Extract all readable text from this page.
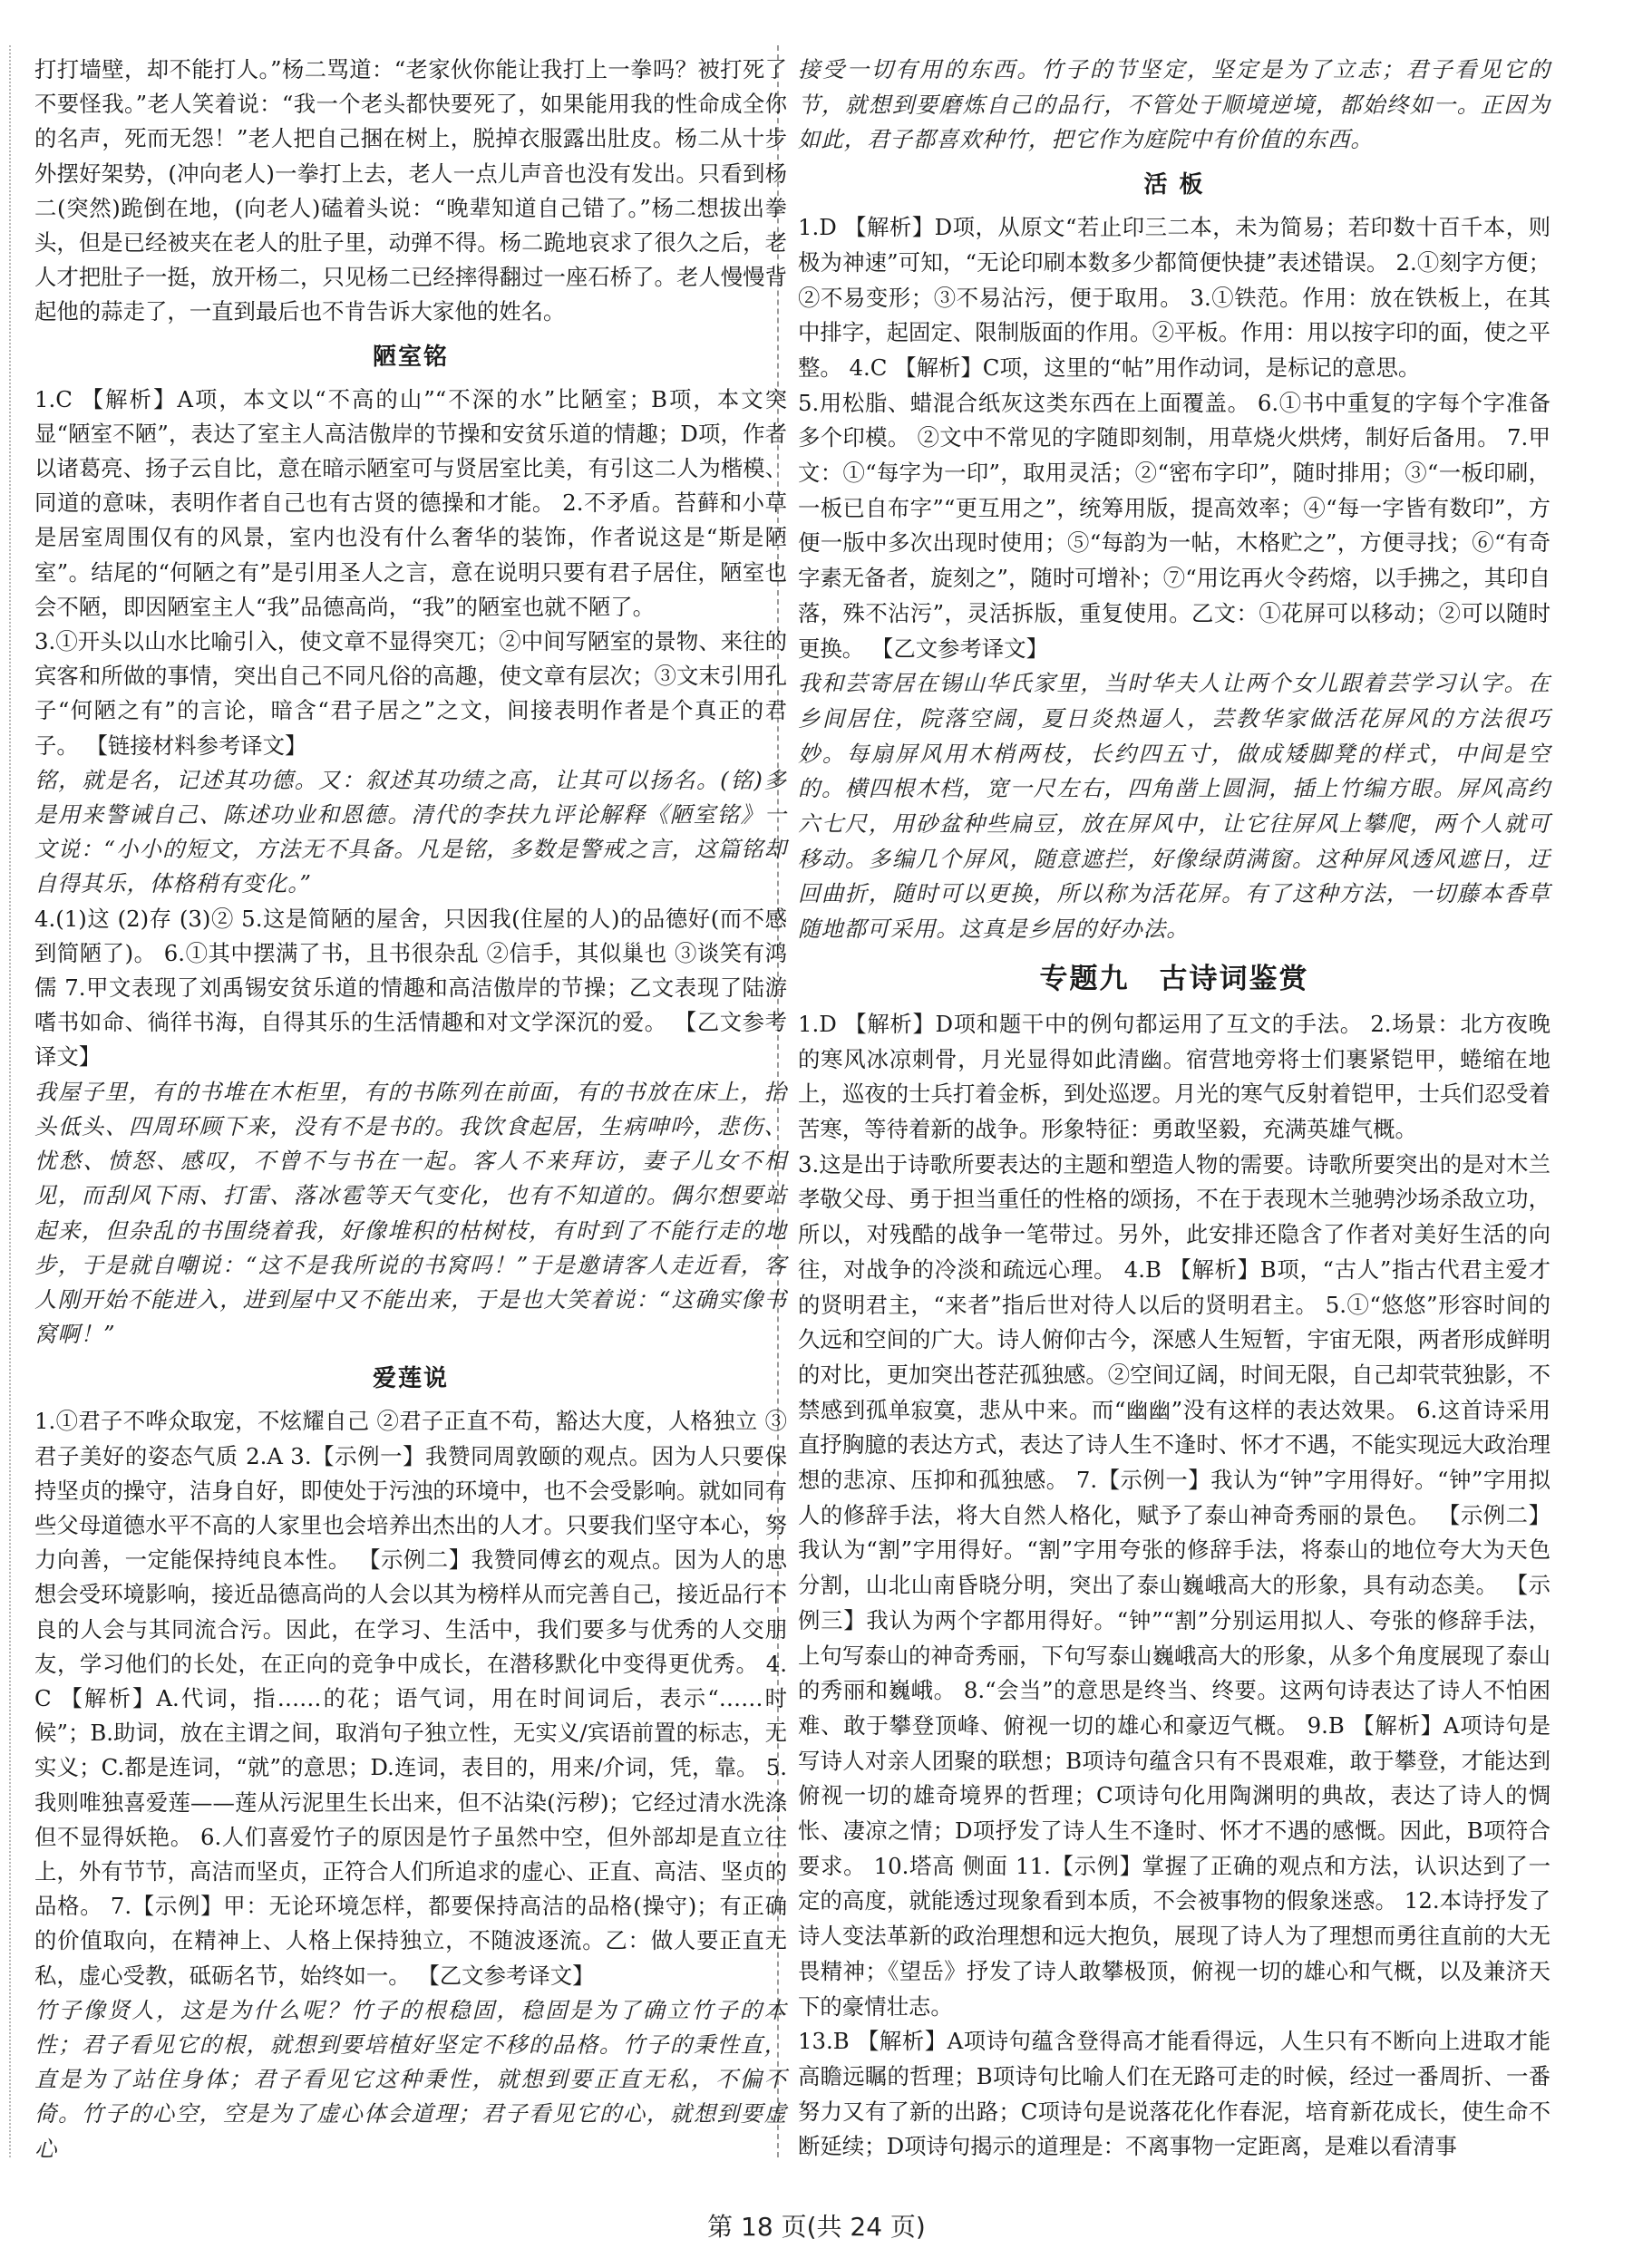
打打墙壁，却不能打人。”杨二骂道：“老家伙你能让我打上一拳吗？被打死了不要怪我。”老人笑着说：“我一个老头都快要死了，如果能用我的性命成全你的名声，死而无怨！”老人把自己捆在树上，脱掉衣服露出肚皮。杨二从十步外摆好架势，(冲向老人)一拳打上去，老人一点儿声音也没有发出。只看到杨二(突然)跪倒在地，(向老人)磕着头说：“晚辈知道自己错了。”杨二想拔出拳头，但是已经被夹在老人的肚子里，动弹不得。杨二跪地哀求了很久之后，老人才把肚子一挺，放开杨二，只见杨二已经摔得翻过一座石桥了。老人慢慢背起他的蒜走了，一直到最后也不肯告诉大家他的姓名。

陋室铭

1.C 【解析】A项，本文以“不高的山”“不深的水”比陋室；B项，本文突显“陋室不陋”，表达了室主人高洁傲岸的节操和安贫乐道的情趣；D项，作者以诸葛亮、扬子云自比，意在暗示陋室可与贤居室比美，有引这二人为楷模、同道的意味，表明作者自己也有古贤的德操和才能。 2.不矛盾。苔藓和小草是居室周围仅有的风景，室内也没有什么奢华的装饰，作者说这是“斯是陋室”。结尾的“何陋之有”是引用圣人之言，意在说明只要有君子居住，陋室也会不陋，即因陋室主人“我”品德高尚，“我”的陋室也就不陋了。

3.①开头以山水比喻引入，使文章不显得突兀；②中间写陋室的景物、来往的宾客和所做的事情，突出自己不同凡俗的高趣，使文章有层次；③文末引用孔子“何陋之有”的言论，暗含“君子居之”之文，间接表明作者是个真正的君子。 【链接材料参考译文】

铭，就是名，记述其功德。又：叙述其功绩之高，让其可以扬名。(铭)多是用来警诫自己、陈述功业和恩德。清代的李扶九评论解释《陋室铭》一文说：“小小的短文，方法无不具备。凡是铭，多数是警戒之言，这篇铭却自得其乐，体格稍有变化。”

4.(1)这 (2)存 (3)② 5.这是简陋的屋舍，只因我(住屋的人)的品德好(而不感到简陋了)。 6.①其中摆满了书，且书很杂乱 ②信手，其似巢也 ③谈笑有鸿儒 7.甲文表现了刘禹锡安贫乐道的情趣和高洁傲岸的节操；乙文表现了陆游嗜书如命、徜徉书海，自得其乐的生活情趣和对文学深沉的爱。 【乙文参考译文】

我屋子里，有的书堆在木柜里，有的书陈列在前面，有的书放在床上，抬头低头、四周环顾下来，没有不是书的。我饮食起居，生病呻吟，悲伤、忧愁、愤怒、感叹，不曾不与书在一起。客人不来拜访，妻子儿女不相见，而刮风下雨、打雷、落冰雹等天气变化，也有不知道的。偶尔想要站起来，但杂乱的书围绕着我，好像堆积的枯树枝，有时到了不能行走的地步，于是就自嘲说：“这不是我所说的书窝吗！”于是邀请客人走近看，客人刚开始不能进入，进到屋中又不能出来，于是也大笑着说：“这确实像书窝啊！”

爱莲说

1.①君子不哗众取宠，不炫耀自己 ②君子正直不苟，豁达大度，人格独立 ③君子美好的姿态气质 2.A 3.【示例一】我赞同周敦颐的观点。因为人只要保持坚贞的操守，洁身自好，即使处于污浊的环境中，也不会受影响。就如同有些父母道德水平不高的人家里也会培养出杰出的人才。只要我们坚守本心，努力向善，一定能保持纯良本性。 【示例二】我赞同傅玄的观点。因为人的思想会受环境影响，接近品德高尚的人会以其为榜样从而完善自己，接近品行不良的人会与其同流合污。因此，在学习、生活中，我们要多与优秀的人交朋友，学习他们的长处，在正向的竞争中成长，在潜移默化中变得更优秀。 4.C 【解析】A.代词，指……的花；语气词，用在时间词后，表示“……时候”；B.助词，放在主谓之间，取消句子独立性，无实义/宾语前置的标志，无实义；C.都是连词，“就”的意思；D.连词，表目的，用来/介词，凭，靠。 5.我则唯独喜爱莲——莲从污泥里生长出来，但不沾染(污秽)；它经过清水洗涤但不显得妖艳。 6.人们喜爱竹子的原因是竹子虽然中空，但外部却是直立往上，外有节节，高洁而坚贞，正符合人们所追求的虚心、正直、高洁、坚贞的品格。 7.【示例】甲：无论环境怎样，都要保持高洁的品格(操守)；有正确的价值取向，在精神上、人格上保持独立，不随波逐流。乙：做人要正直无私，虚心受教，砥砺名节，始终如一。 【乙文参考译文】

竹子像贤人，这是为什么呢？竹子的根稳固，稳固是为了确立竹子的本性；君子看见它的根，就想到要培植好坚定不移的品格。竹子的秉性直，直是为了站住身体；君子看见它这种秉性，就想到要正直无私，不偏不倚。竹子的心空，空是为了虚心体会道理；君子看见它的心，就想到要虚心

接受一切有用的东西。竹子的节坚定，坚定是为了立志；君子看见它的节，就想到要磨炼自己的品行，不管处于顺境逆境，都始终如一。正因为如此，君子都喜欢种竹，把它作为庭院中有价值的东西。

活 板

1.D 【解析】D项，从原文“若止印三二本，未为简易；若印数十百千本，则极为神速”可知，“无论印刷本数多少都简便快捷”表述错误。 2.①刻字方便；②不易变形；③不易沾污，便于取用。 3.①铁范。作用：放在铁板上，在其中排字，起固定、限制版面的作用。②平板。作用：用以按字印的面，使之平整。 4.C 【解析】C项，这里的“帖”用作动词，是标记的意思。

5.用松脂、蜡混合纸灰这类东西在上面覆盖。 6.①书中重复的字每个字准备多个印模。 ②文中不常见的字随即刻制，用草烧火烘烤，制好后备用。 7.甲文：①“每字为一印”，取用灵活；②“密布字印”，随时排用；③“一板印刷，一板已自布字”“更互用之”，统筹用版，提高效率；④“每一字皆有数印”，方便一版中多次出现时使用；⑤“每韵为一帖，木格贮之”，方便寻找；⑥“有奇字素无备者，旋刻之”，随时可增补；⑦“用讫再火令药熔，以手拂之，其印自落，殊不沾污”，灵活拆版，重复使用。乙文：①花屏可以移动；②可以随时更换。 【乙文参考译文】

我和芸寄居在锡山华氏家里，当时华夫人让两个女儿跟着芸学习认字。在乡间居住，院落空阔，夏日炎热逼人，芸教华家做活花屏风的方法很巧妙。每扇屏风用木梢两枝，长约四五寸，做成矮脚凳的样式，中间是空的。横四根木档，宽一尺左右，四角凿上圆洞，插上竹编方眼。屏风高约六七尺，用砂盆种些扁豆，放在屏风中，让它往屏风上攀爬，两个人就可移动。多编几个屏风，随意遮拦，好像绿荫满窗。这种屏风透风遮日，迂回曲折，随时可以更换，所以称为活花屏。有了这种方法，一切藤本香草随地都可采用。这真是乡居的好办法。

专题九　古诗词鉴赏

1.D 【解析】D项和题干中的例句都运用了互文的手法。 2.场景：北方夜晚的寒风冰凉刺骨，月光显得如此清幽。宿营地旁将士们裹紧铠甲，蜷缩在地上，巡夜的士兵打着金柝，到处巡逻。月光的寒气反射着铠甲，士兵们忍受着苦寒，等待着新的战争。形象特征：勇敢坚毅，充满英雄气概。

3.这是出于诗歌所要表达的主题和塑造人物的需要。诗歌所要突出的是对木兰孝敬父母、勇于担当重任的性格的颂扬，不在于表现木兰驰骋沙场杀敌立功，所以，对残酷的战争一笔带过。另外，此安排还隐含了作者对美好生活的向往，对战争的冷淡和疏远心理。 4.B 【解析】B项，“古人”指古代君主爱才的贤明君主，“来者”指后世对待人以后的贤明君主。 5.①“悠悠”形容时间的久远和空间的广大。诗人俯仰古今，深感人生短暂，宇宙无限，两者形成鲜明的对比，更加突出苍茫孤独感。②空间辽阔，时间无限，自己却茕茕独影，不禁感到孤单寂寞，悲从中来。而“幽幽”没有这样的表达效果。 6.这首诗采用直抒胸臆的表达方式，表达了诗人生不逢时、怀才不遇，不能实现远大政治理想的悲凉、压抑和孤独感。 7.【示例一】我认为“钟”字用得好。“钟”字用拟人的修辞手法，将大自然人格化，赋予了泰山神奇秀丽的景色。 【示例二】我认为“割”字用得好。“割”字用夸张的修辞手法，将泰山的地位夸大为天色分割，山北山南昏晓分明，突出了泰山巍峨高大的形象，具有动态美。 【示例三】我认为两个字都用得好。“钟”“割”分别运用拟人、夸张的修辞手法，上句写泰山的神奇秀丽，下句写泰山巍峨高大的形象，从多个角度展现了泰山的秀丽和巍峨。 8.“会当”的意思是终当、终要。这两句诗表达了诗人不怕困难、敢于攀登顶峰、俯视一切的雄心和豪迈气概。 9.B 【解析】A项诗句是写诗人对亲人团聚的联想；B项诗句蕴含只有不畏艰难，敢于攀登，才能达到俯视一切的雄奇境界的哲理；C项诗句化用陶渊明的典故，表达了诗人的惆怅、凄凉之情；D项抒发了诗人生不逢时、怀才不遇的感慨。因此，B项符合要求。 10.塔高 侧面 11.【示例】掌握了正确的观点和方法，认识达到了一定的高度，就能透过现象看到本质，不会被事物的假象迷惑。 12.本诗抒发了诗人变法革新的政治理想和远大抱负，展现了诗人为了理想而勇往直前的大无畏精神；《望岳》抒发了诗人敢攀极顶，俯视一切的雄心和气概，以及兼济天下的豪情壮志。

13.B 【解析】A项诗句蕴含登得高才能看得远，人生只有不断向上进取才能高瞻远瞩的哲理；B项诗句比喻人们在无路可走的时候，经过一番周折、一番努力又有了新的出路；C项诗句是说落花化作春泥，培育新花成长，使生命不断延续；D项诗句揭示的道理是：不离事物一定距离，是难以看清事

第 18 页(共 24 页)
